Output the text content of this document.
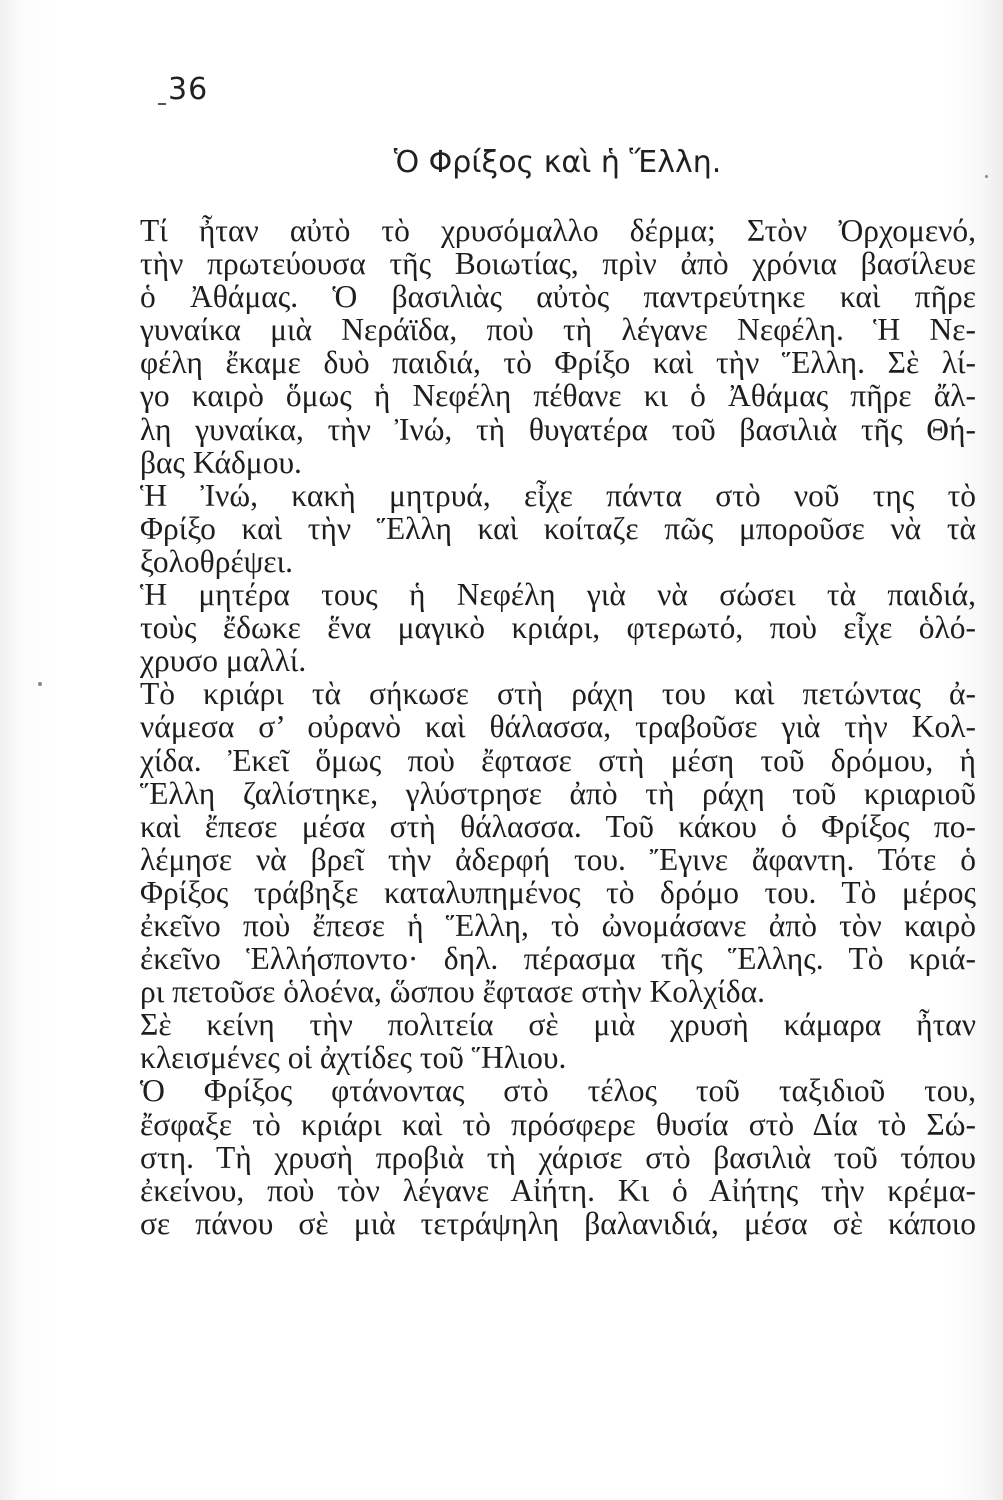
36
Ὁ Φρίξος καὶ ἡ Ἕλλη.
Τί ἦταν αὐτὸ τὸ χρυσόμαλλο δέρμα; Στὸν Ὀρχομενό,
τὴν πρωτεύουσα τῆς Βοιωτίας, πρὶν ἀπὸ χρόνια βασίλευε
ὁ Ἀθάμας. Ὁ βασιλιὰς αὐτὸς παντρεύτηκε καὶ πῆρε
γυναίκα μιὰ Νεράϊδα, ποὺ τὴ λέγανε Νεφέλη. Ἡ Νε-
φέλη ἔκαμε δυὸ παιδιά, τὸ Φρίξο καὶ τὴν Ἕλλη. Σὲ λί-
γο καιρὸ ὅμως ἡ Νεφέλη πέθανε κι ὁ Ἀθάμας πῆρε ἄλ-
λη γυναίκα, τὴν Ἰνώ, τὴ θυγατέρα τοῦ βασιλιὰ τῆς Θή-
βας Κάδμου.
Ἡ Ἰνώ, κακὴ μητρυά, εἶχε πάντα στὸ νοῦ της τὸ
Φρίξο καὶ τὴν Ἕλλη καὶ κοίταζε πῶς μποροῦσε νὰ τὰ
ξολοθρέψει.
Ἡ μητέρα τους ἡ Νεφέλη γιὰ νὰ σώσει τὰ παιδιά,
τοὺς ἔδωκε ἕνα μαγικὸ κριάρι, φτερωτό, ποὺ εἶχε ὁλό-
χρυσο μαλλί.
Τὸ κριάρι τὰ σήκωσε στὴ ράχη του καὶ πετώντας ἀ-
νάμεσα σ’ οὐρανὸ καὶ θάλασσα, τραβοῦσε γιὰ τὴν Κολ-
χίδα. Ἐκεῖ ὅμως ποὺ ἔφτασε στὴ μέση τοῦ δρόμου, ἡ
Ἕλλη ζαλίστηκε, γλύστρησε ἀπὸ τὴ ράχη τοῦ κριαριοῦ
καὶ ἔπεσε μέσα στὴ θάλασσα. Τοῦ κάκου ὁ Φρίξος πο-
λέμησε νὰ βρεῖ τὴν ἀδερφή του. Ἔγινε ἄφαντη. Τότε ὁ
Φρίξος τράβηξε καταλυπημένος τὸ δρόμο του. Τὸ μέρος
ἐκεῖνο ποὺ ἔπεσε ἡ Ἕλλη, τὸ ὠνομάσανε ἀπὸ τὸν καιρὸ
ἐκεῖνο Ἑλλήσποντο· δηλ. πέρασμα τῆς Ἕλλης. Τὸ κριά-
ρι πετοῦσε ὁλοένα, ὥσπου ἔφτασε στὴν Κολχίδα.
Σὲ κείνη τὴν πολιτεία σὲ μιὰ χρυσὴ κάμαρα ἦταν
κλεισμένες οἱ ἀχτίδες τοῦ Ἥλιου.
Ὁ Φρίξος φτάνοντας στὸ τέλος τοῦ ταξιδιοῦ του,
ἔσφαξε τὸ κριάρι καὶ τὸ πρόσφερε θυσία στὸ Δία τὸ Σώ-
στη. Τὴ χρυσὴ προβιὰ τὴ χάρισε στὸ βασιλιὰ τοῦ τόπου
ἐκείνου, ποὺ τὸν λέγανε Αἰήτη. Κι ὁ Αἰήτης τὴν κρέμα-
σε πάνου σὲ μιὰ τετράψηλη βαλανιδιά, μέσα σὲ κάποιο
